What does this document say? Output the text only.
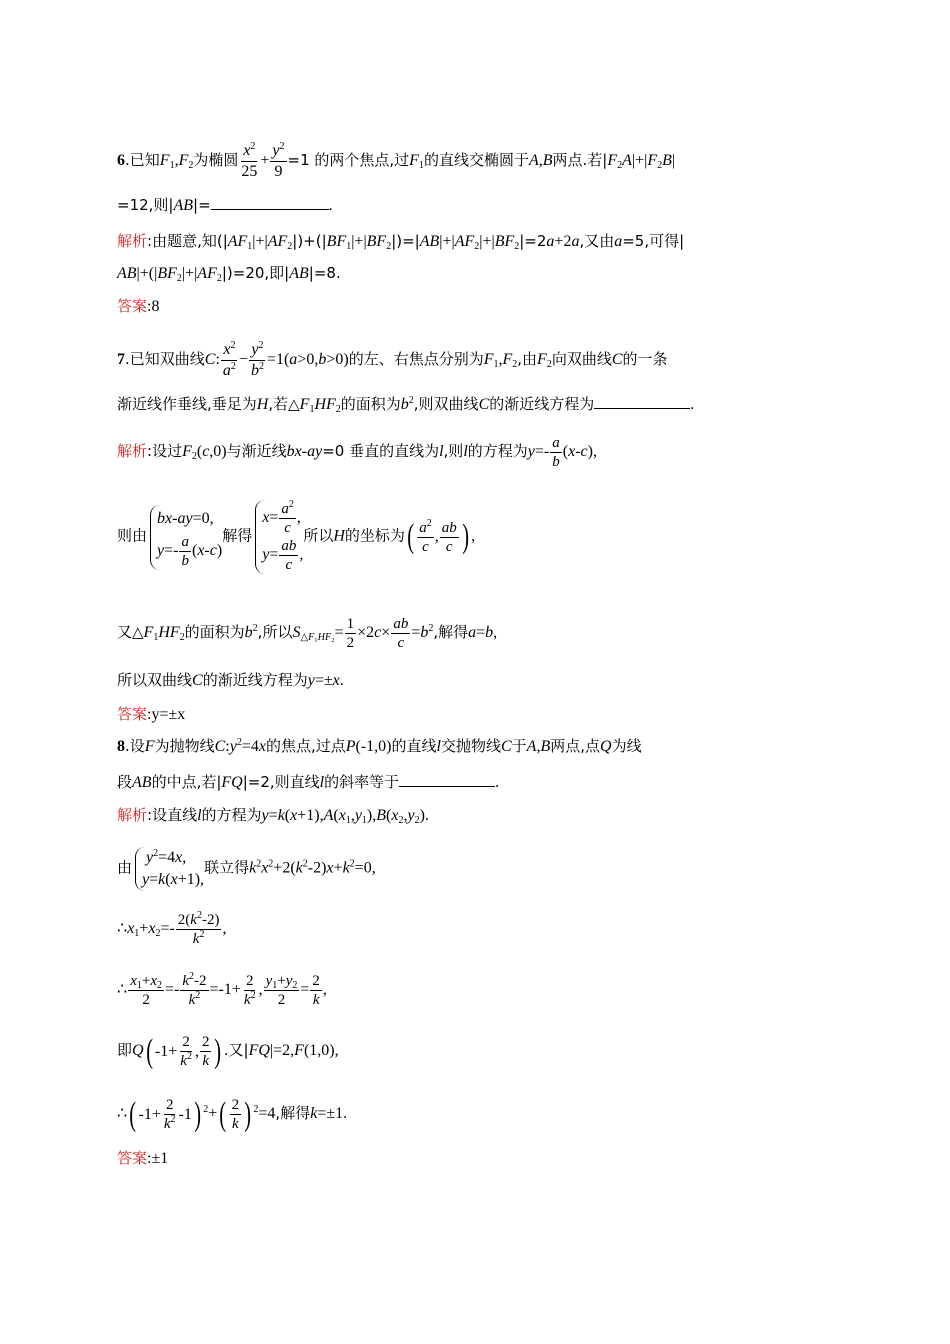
6.已知$F_1,F_2$为椭圆 $\frac{x^2}{25} + \frac{y^2}{9} =1$ 的两个焦点,过$F_1$的直线交椭圆于A,B两点.若$|F_2A|+|F_2B|$
=12,则|AB|=	.
解析:由题意,知$(|AF_1|+|AF_2|)+(|BF_1|+|BF_2|)=|AB|+|AF_2|+|BF_2|=2a+2a$,又由a=5,可得|
$AB|+(|BF_2|+|AF_2|)=20$,即|AB|=8.
答案:8
7.已知双曲线C: $\frac{x^2}{a^2} - \frac{y^2}{b^2} =1(a>0,b>0)$的左、右焦点分别为$F_1,F_2$,由$F_2$向双曲线C的一条
渐近线作垂线,垂足为H,若$\triangle F_1HF_2$的面积为$b^2$,则双曲线C的渐近线方程为	.
解析:设过$F_2(c,0)$与渐近线bx-ay=0 垂直的直线为l,则l的方程为$y=- \frac{a}{b} (x-c)$,
则由
bx-ay=0,
$y=- \frac{a}{b} (x-c)$
解得
$x= \frac{a^2}{c}$ ,
$y= \frac{ab}{c}$ ,
所以H的坐标为 ( $\frac{a^2}{c}$ , $\frac{ab}{c}$ ) ,
又$\triangle F_1HF_2$的面积为$b^2$,所以$S_{\triangle F_1HF_2}= \frac{1}{2} \times 2c\times \frac{ab}{c} =b^2$,解得a=b,
所以双曲线C的渐近线方程为y=±x.
答案:y=±x
8.设F为抛物线$C:y^2=4x$的焦点,过点P(-1,0)的直线l交抛物线C于A,B两点,点Q为线
段AB的中点,若|FQ|=2,则直线l的斜率等于	.
解析:设直线l的方程为$y=k(x+1),A(x_1,y_1),B(x_2,y_2)$.
由
$y^2=4x$,
y=k(x+1),
联立得$k^2x^2+2(k^2-2)x+k^2=0$,
$\therefore x_1+x_2=- \frac{2(k^2-2)}{k^2}$ ,
∴ $\frac{x_1+x_2}{2} =- \frac{k^2-2}{k^2} =-1+ \frac{2}{k^2}$ , $\frac{y_1+y_2}{2} = \frac{2}{k}$ ,
即Q ( $-1+ \frac{2}{k^2}$ , $\frac{2}{k}$ ) .又|FQ|=2,F(1,0),
∴ ( $-1+ \frac{2}{k^2} -1$ ) $^2$+ ( $\frac{2}{k}$ ) $^2$=4,解得k=±1.
答案:±1
